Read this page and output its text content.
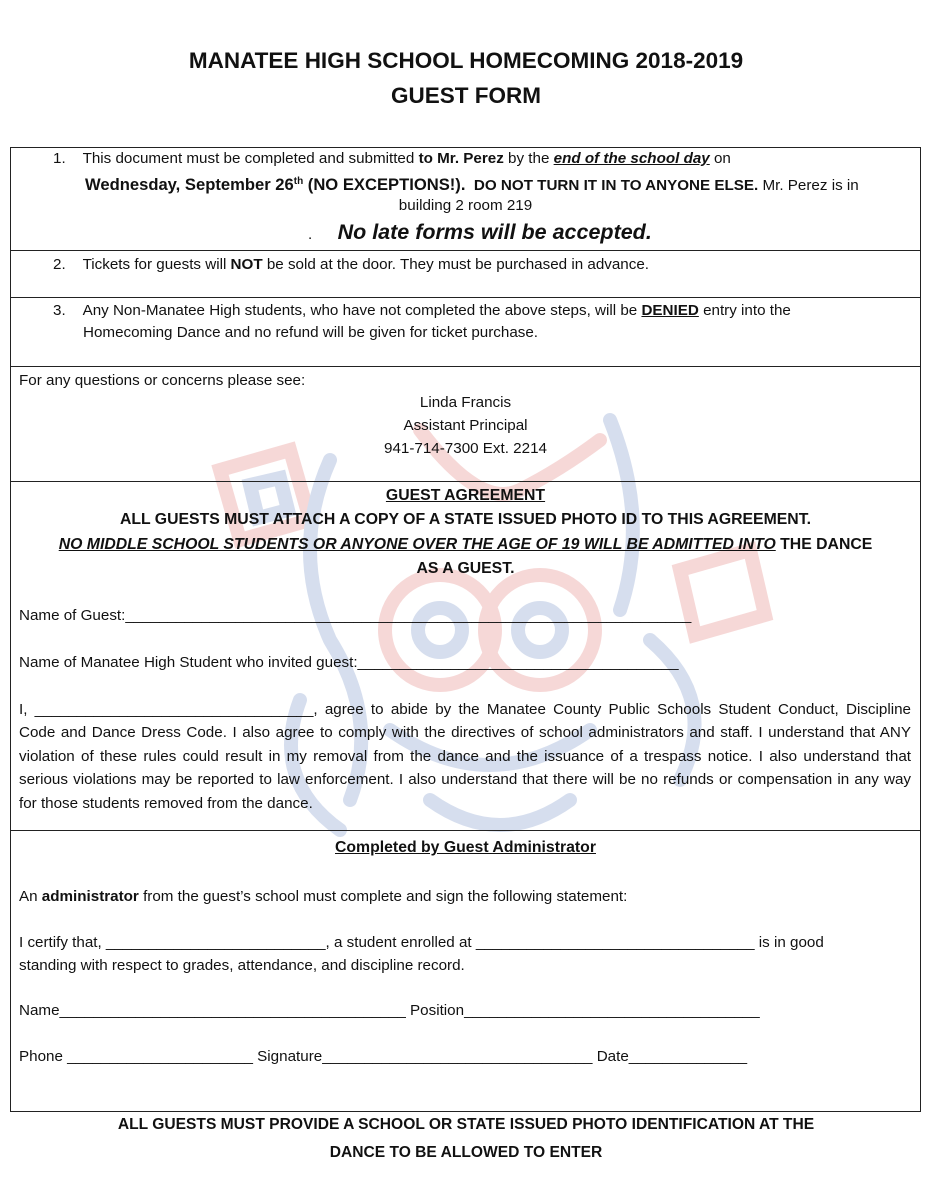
MANATEE HIGH SCHOOL HOMECOMING 2018-2019
GUEST FORM
1. This document must be completed and submitted to Mr. Perez by the end of the school day on
Wednesday, September 26th (NO EXCEPTIONS!). DO NOT TURN IT IN TO ANYONE ELSE. Mr. Perez is in
building 2 room 219
. No late forms will be accepted.
2. Tickets for guests will NOT be sold at the door. They must be purchased in advance.
3. Any Non-Manatee High students, who have not completed the above steps, will be DENIED entry into the
Homecoming Dance and no refund will be given for ticket purchase.
For any questions or concerns please see:
Linda Francis
Assistant Principal
941-714-7300 Ext. 2214
GUEST AGREEMENT
ALL GUESTS MUST ATTACH A COPY OF A STATE ISSUED PHOTO ID TO THIS AGREEMENT.
NO MIDDLE SCHOOL STUDENTS OR ANYONE OVER THE AGE OF 19 WILL BE ADMITTED INTO THE DANCE
AS A GUEST.
Name of Guest:___________________________________________________________________
Name of Manatee High Student who invited guest:______________________________________
I, _________________________________, agree to abide by the Manatee County Public Schools Student Conduct, Discipline Code and Dance Dress Code. I also agree to comply with the directives of school administrators and staff. I understand that ANY violation of these rules could result in my removal from the dance and the issuance of a trespass notice. I also understand that serious violations may be reported to law enforcement. I also understand that there will be no refunds or compensation in any way for those students removed from the dance.
Completed by Guest Administrator
An administrator from the guest’s school must complete and sign the following statement:
I certify that, __________________________, a student enrolled at _________________________________ is in good
standing with respect to grades, attendance, and discipline record.
Name_________________________________________ Position___________________________________
Phone ______________________ Signature________________________________ Date______________
ALL GUESTS MUST PROVIDE A SCHOOL OR STATE ISSUED PHOTO IDENTIFICATION AT THE
DANCE TO BE ALLOWED TO ENTER
